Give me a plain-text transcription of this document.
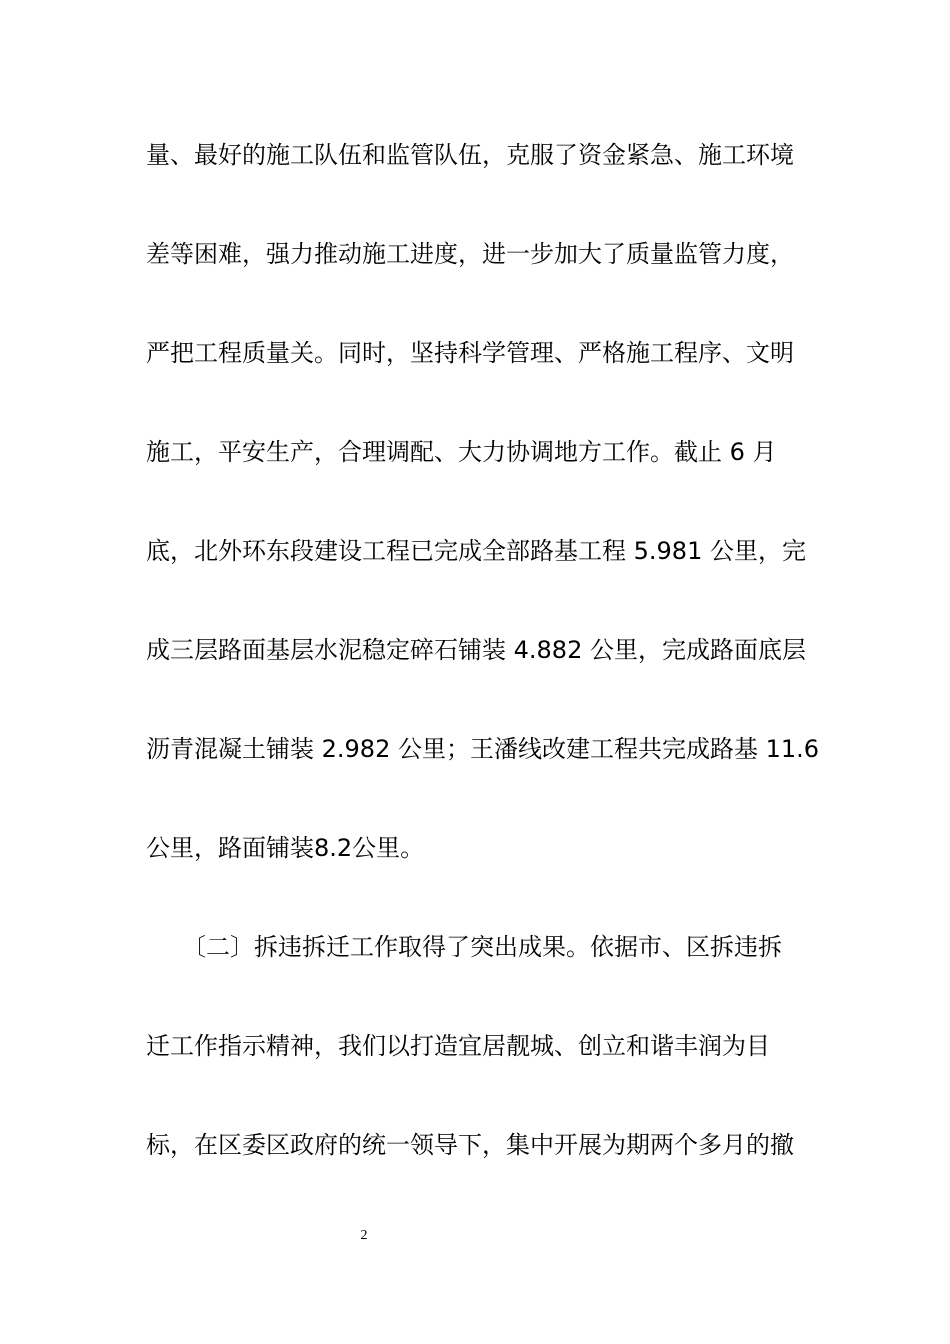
量、最好的施工队伍和监管队伍，克服了资金紧急、施工环境
差等困难，强力推动施工进度，进一步加大了质量监管力度，
严把工程质量关。同时，坚持科学管理、严格施工程序、文明
施工，平安生产，合理调配、大力协调地方工作。截止 6 月
底，北外环东段建设工程已完成全部路基工程 5.981 公里，完
成三层路面基层水泥稳定碎石铺装 4.882 公里，完成路面底层
沥青混凝土铺装 2.982 公里；王潘线改建工程共完成路基 11.6
公里，路面铺装8.2公里。
　　〔二〕拆违拆迁工作取得了突出成果。依据市、区拆违拆
迁工作指示精神，我们以打造宜居靓城、创立和谐丰润为目
标，在区委区政府的统一领导下，集中开展为期两个多月的撤
2
